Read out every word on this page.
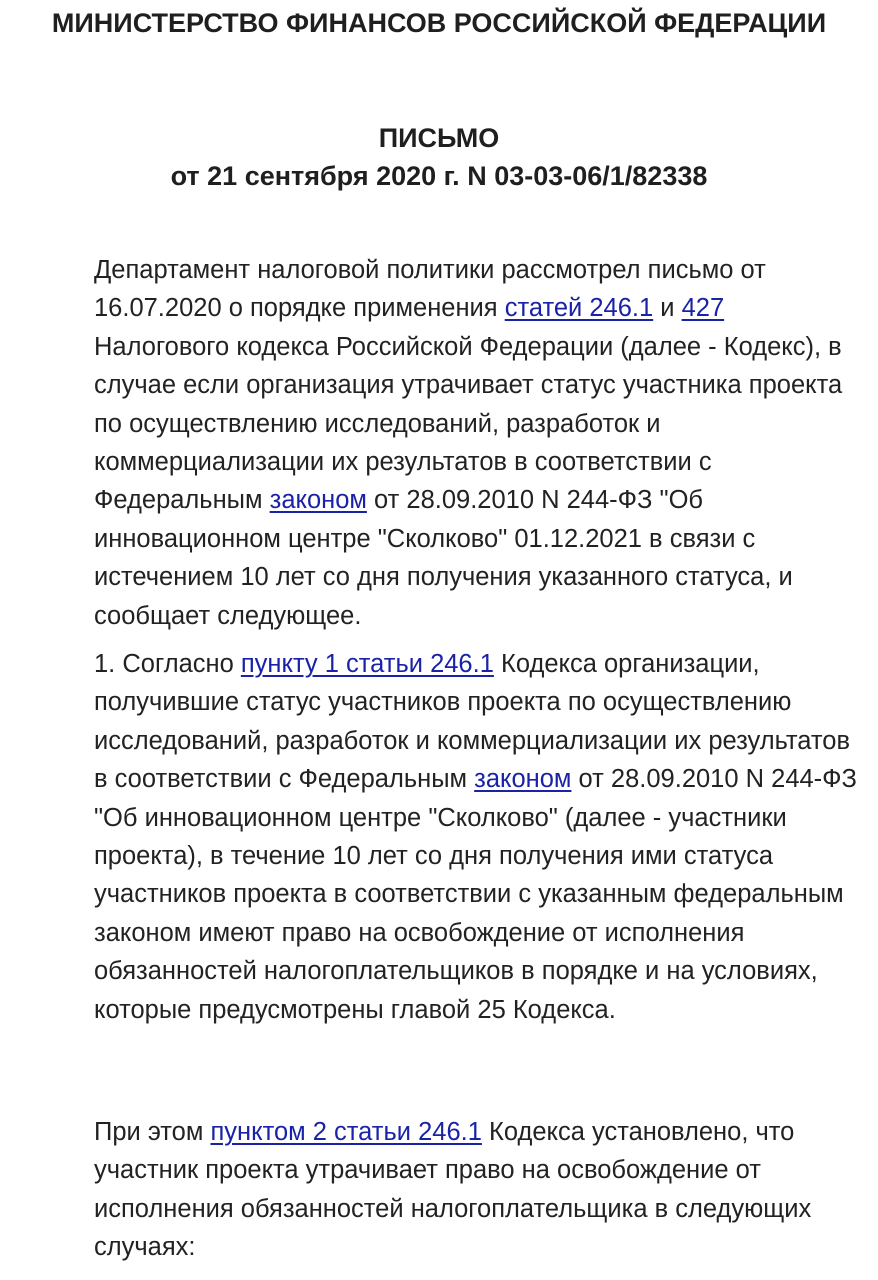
МИНИСТЕРСТВО ФИНАНСОВ РОССИЙСКОЙ ФЕДЕРАЦИИ
ПИСЬМО
от 21 сентября 2020 г. N 03-03-06/1/82338

Департамент налоговой политики рассмотрел письмо от 16.07.2020 о порядке применения статей 246.1 и 427 Налогового кодекса Российской Федерации (далее - Кодекс), в случае если организация утрачивает статус участника проекта по осуществлению исследований, разработок и коммерциализации их результатов в соответствии с Федеральным законом от 28.09.2010 N 244-ФЗ "Об инновационном центре "Сколково" 01.12.2021 в связи с истечением 10 лет со дня получения указанного статуса, и сообщает следующее.

1. Согласно пункту 1 статьи 246.1 Кодекса организации, получившие статус участников проекта по осуществлению исследований, разработок и коммерциализации их результатов в соответствии с Федеральным законом от 28.09.2010 N 244-ФЗ "Об инновационном центре "Сколково" (далее - участники проекта), в течение 10 лет со дня получения ими статуса участников проекта в соответствии с указанным федеральным законом имеют право на освобождение от исполнения обязанностей налогоплательщиков в порядке и на условиях, которые предусмотрены главой 25 Кодекса.

При этом пунктом 2 статьи 246.1 Кодекса установлено, что участник проекта утрачивает право на освобождение от исполнения обязанностей налогоплательщика в следующих случаях:
